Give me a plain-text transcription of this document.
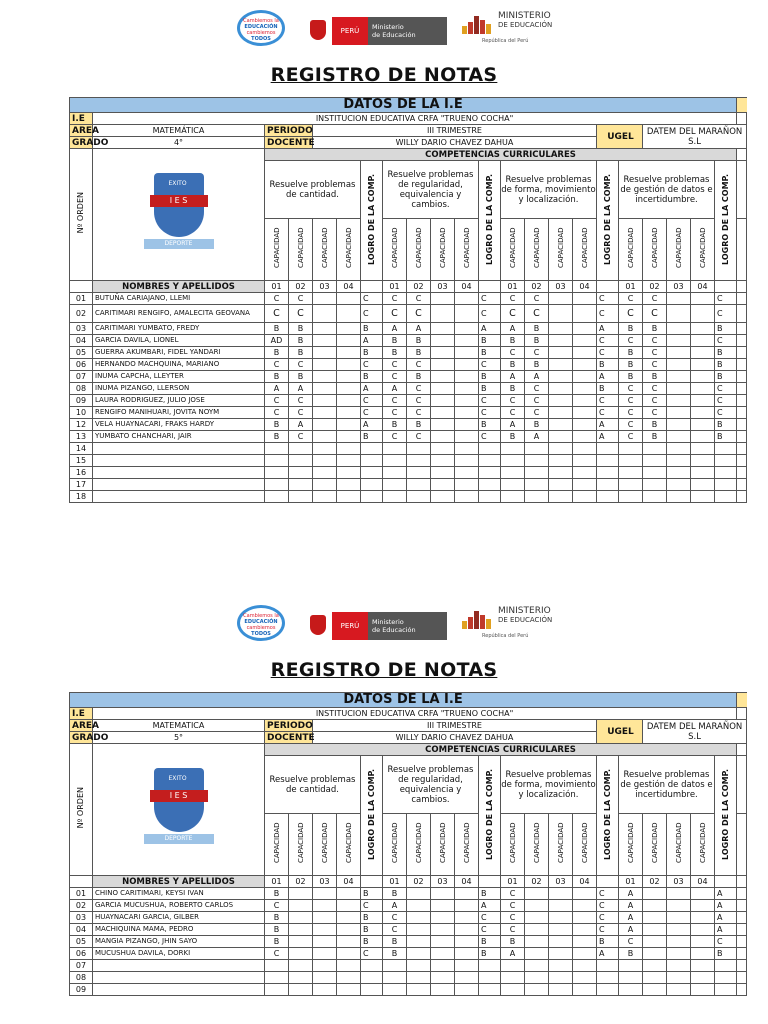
Cambiemos la
EDUCACIÓN
cambiemos
TODOS
PERÚ	Ministerio
de Educación
MINISTERIO
DE EDUCACIÓN
República del Perú
REGISTRO DE NOTAS
DATOS DE LA I.E																							
I.E	INSTITUCION EDUCATIVA CRFA "TRUENO COCHA"																						
AREA	MATEMÁTICA	PERIODO		III TRIMESTRE												UGEL		DATEM DEL MARAÑON S.L					
GRADO	4°	DOCENTE		WILLY DARIO CHAVEZ DAHUA																			
Nº ORDEN	I E S
EXITO
DEPORTE	COMPETENCIAS CURRICULARES																					
		Resuelve problemas de cantidad.				LOGRO DE LA COMP.	Resuelve problemas de regularidad, equivalencia y cambios.				LOGRO DE LA COMP.	Resuelve problemas de forma, movimiento y localización.				LOGRO DE LA COMP.	Resuelve problemas de gestión de datos e incertidumbre.				LOGRO DE LA COMP.		
		CAPACIDAD	CAPACIDAD	CAPACIDAD	CAPACIDAD		CAPACIDAD	CAPACIDAD	CAPACIDAD	CAPACIDAD		CAPACIDAD	CAPACIDAD	CAPACIDAD	CAPACIDAD		CAPACIDAD	CAPACIDAD	CAPACIDAD	CAPACIDAD			
	NOMBRES Y APELLIDOS	01	02	03	04		01	02	03	04		01	02	03	04		01	02	03	04			
01	BUTUÑA CARIAJANO, LLEMI	C	C			C	C	C			C	C	C			C	C	C			C		
02	CARITIMARI RENGIFO, AMALECITA GEOVANA	C	C			C	C	C			C	C	C			C	C	C			C		
03	CARITIMARI YUMBATO, FREDY	B	B			B	A	A			A	A	B			A	B	B			B		
04	GARCIA DAVILA, LIONEL	AD	B			A	B	B			B	B	B			C	C	C			C		
05	GUERRA AKUMBARI, FIDEL YANDARI	B	B			B	B	B			B	C	C			C	B	C			B		
06	HERNANDO MACHQUINA, MARIANO	C	C			C	C	C			C	B	B			B	B	C			B		
07	INUMA CAPCHA, LLEYTER	B	B			B	C	B			B	A	A			A	B	B			B		
08	INUMA PIZANGO, LLERSON	A	A			A	A	C			B	B	C			B	C	C			C		
09	LAURA RODRIGUEZ, JULIO JOSE	C	C			C	C	C			C	C	C			C	C	C			C		
10	RENGIFO MANIHUARI, JOVITA NOYM	C	C			C	C	C			C	C	C			C	C	C			C		
12	VELA HUAYNACARI, FRAKS HARDY	B	A			A	B	B			B	A	B			A	C	B			B		
13	YUMBATO CHANCHARI, JAIR	B	C			B	C	C			C	B	A			A	C	B			B		
14																							
15																							
16																							
17																							
18																							
Cambiemos la
EDUCACIÓN
cambiemos
TODOS
PERÚ	Ministerio
de Educación
MINISTERIO
DE EDUCACIÓN
República del Perú
REGISTRO DE NOTAS
DATOS DE LA I.E																							
I.E	INSTITUCION EDUCATIVA CRFA "TRUENO COCHA"																						
AREA	MATEMATICA	PERIODO		III TRIMESTRE												UGEL		DATEM DEL MARAÑON S.L					
GRADO	5°	DOCENTE		WILLY DARIO CHAVEZ DAHUA																			
Nº ORDEN	I E S
EXITO
DEPORTE	COMPETENCIAS CURRICULARES																					
		Resuelve problemas de cantidad.				LOGRO DE LA COMP.	Resuelve problemas de regularidad, equivalencia y cambios.				LOGRO DE LA COMP.	Resuelve problemas de forma, movimiento y localización.				LOGRO DE LA COMP.	Resuelve problemas de gestión de datos e incertidumbre.				LOGRO DE LA COMP.		
		CAPACIDAD	CAPACIDAD	CAPACIDAD	CAPACIDAD		CAPACIDAD	CAPACIDAD	CAPACIDAD	CAPACIDAD		CAPACIDAD	CAPACIDAD	CAPACIDAD	CAPACIDAD		CAPACIDAD	CAPACIDAD	CAPACIDAD	CAPACIDAD			
	NOMBRES Y APELLIDOS	01	02	03	04		01	02	03	04		01	02	03	04		01	02	03	04			
01	CHINO CARITIMARI, KEYSI IVAN	B				B	B				B	C				C	A				A		
02	GARCIA MUCUSHUA, ROBERTO CARLOS	C				C	A				A	C				C	A				A		
03	HUAYNACARI GARCIA, GILBER	B				B	C				C	C				C	A				A		
04	MACHIQUINA MAMA, PEDRO	B				B	C				C	C				C	A				A		
05	MANGIA PIZANGO, JHIN SAYO	B				B	B				B	B				B	C				C		
06	MUCUSHUA DAVILA, DORKI	C				C	B				B	A				A	B				B		
07																							
08																							
09																							
